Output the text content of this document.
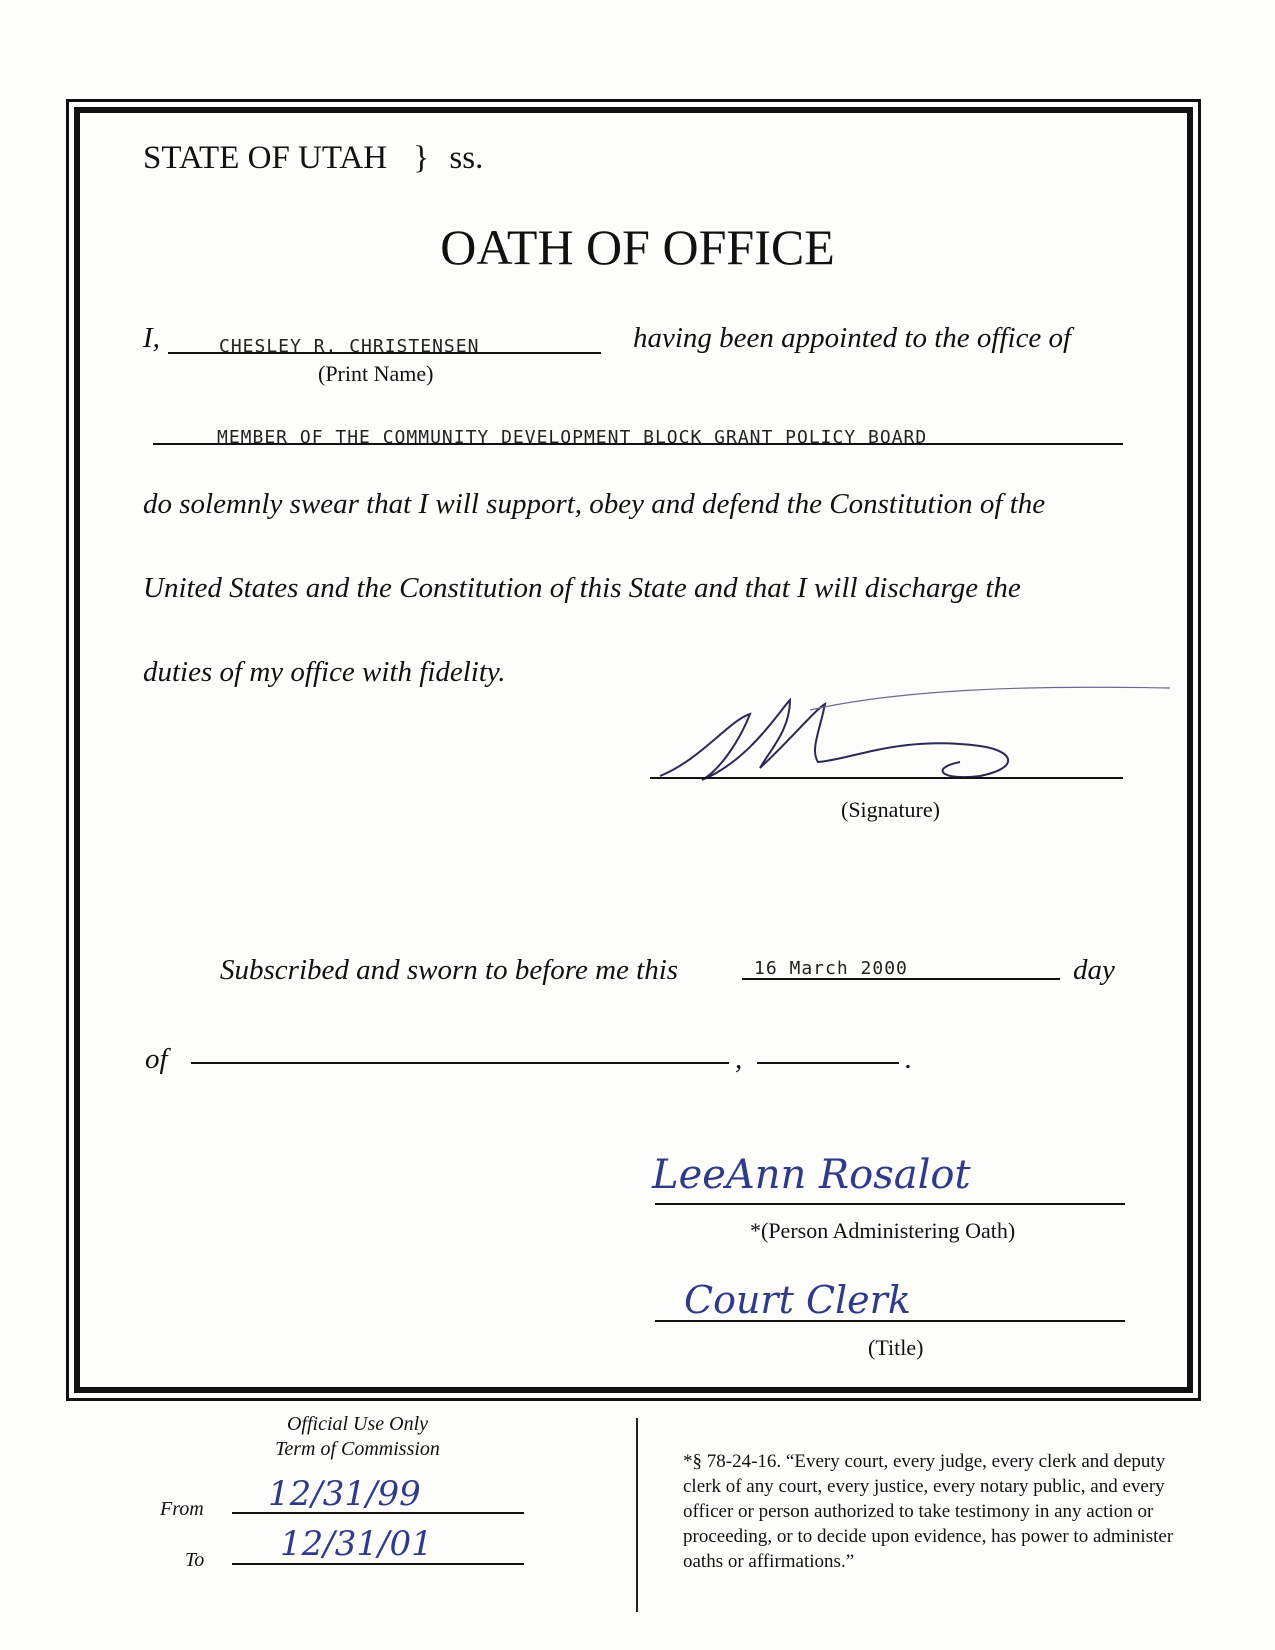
STATE OF UTAH } ss.
OATH OF OFFICE
I,	CHESLEY R. CHRISTENSEN
(Print Name)
having been appointed to the office of
MEMBER OF THE COMMUNITY DEVELOPMENT BLOCK GRANT POLICY BOARD
do solemnly swear that I will support, obey and defend the Constitution of the
United States and the Constitution of this State and that I will discharge the
duties of my office with fidelity.
(Signature)
Subscribed and sworn to before me this	16 March 2000	day
of	,	.
LeeAnn Rosalot
*(Person Administering Oath)
Court Clerk
(Title)
Official Use Only
Term of Commission
From 12/31/99
To 12/31/01
*§ 78-24-16. “Every court, every judge, every clerk and deputy clerk of any court, every justice, every notary public, and every officer or person authorized to take testimony in any action or proceeding, or to decide upon evidence, has power to administer oaths or affirmations.”
